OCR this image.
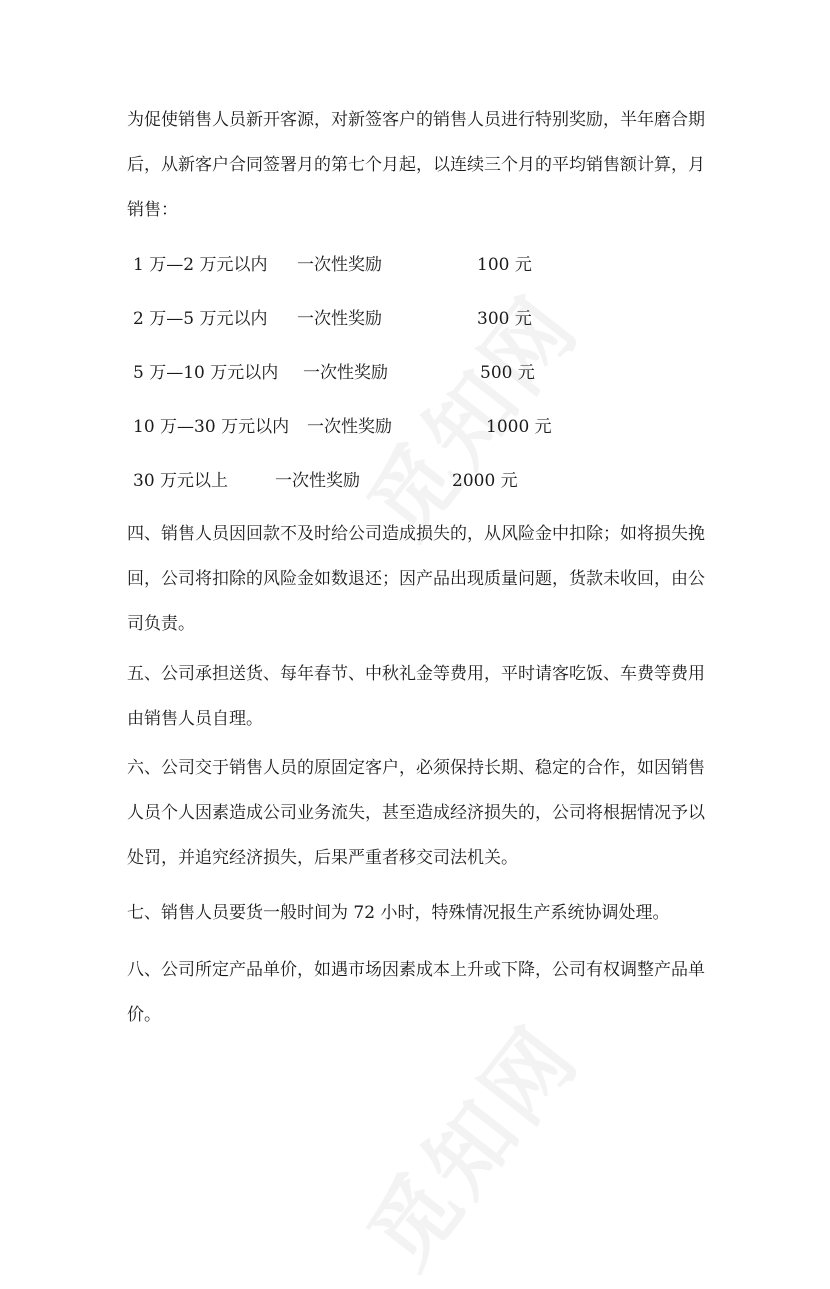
为促使销售人员新开客源，对新签客户的销售人员进行特别奖励，半年磨合期后，从新客户合同签署月的第七个月起，以连续三个月的平均销售额计算，月销售：

1 万—2 万元以内 一次性奖励	100 元
2 万—5 万元以内 一次性奖励	300 元
5 万—10 万元以内 一次性奖励	500 元
10 万—30 万元以内 一次性奖励	1000 元
30 万元以上	一次性奖励	2000 元

四、销售人员因回款不及时给公司造成损失的，从风险金中扣除；如将损失挽回，公司将扣除的风险金如数退还；因产品出现质量问题，货款未收回，由公司负责。

五、公司承担送货、每年春节、中秋礼金等费用，平时请客吃饭、车费等费用由销售人员自理。

六、公司交于销售人员的原固定客户，必须保持长期、稳定的合作，如因销售人员个人因素造成公司业务流失，甚至造成经济损失的，公司将根据情况予以处罚，并追究经济损失，后果严重者移交司法机关。

七、销售人员要货一般时间为 72 小时，特殊情况报生产系统协调处理。

八、公司所定产品单价，如遇市场因素成本上升或下降，公司有权调整产品单价。
